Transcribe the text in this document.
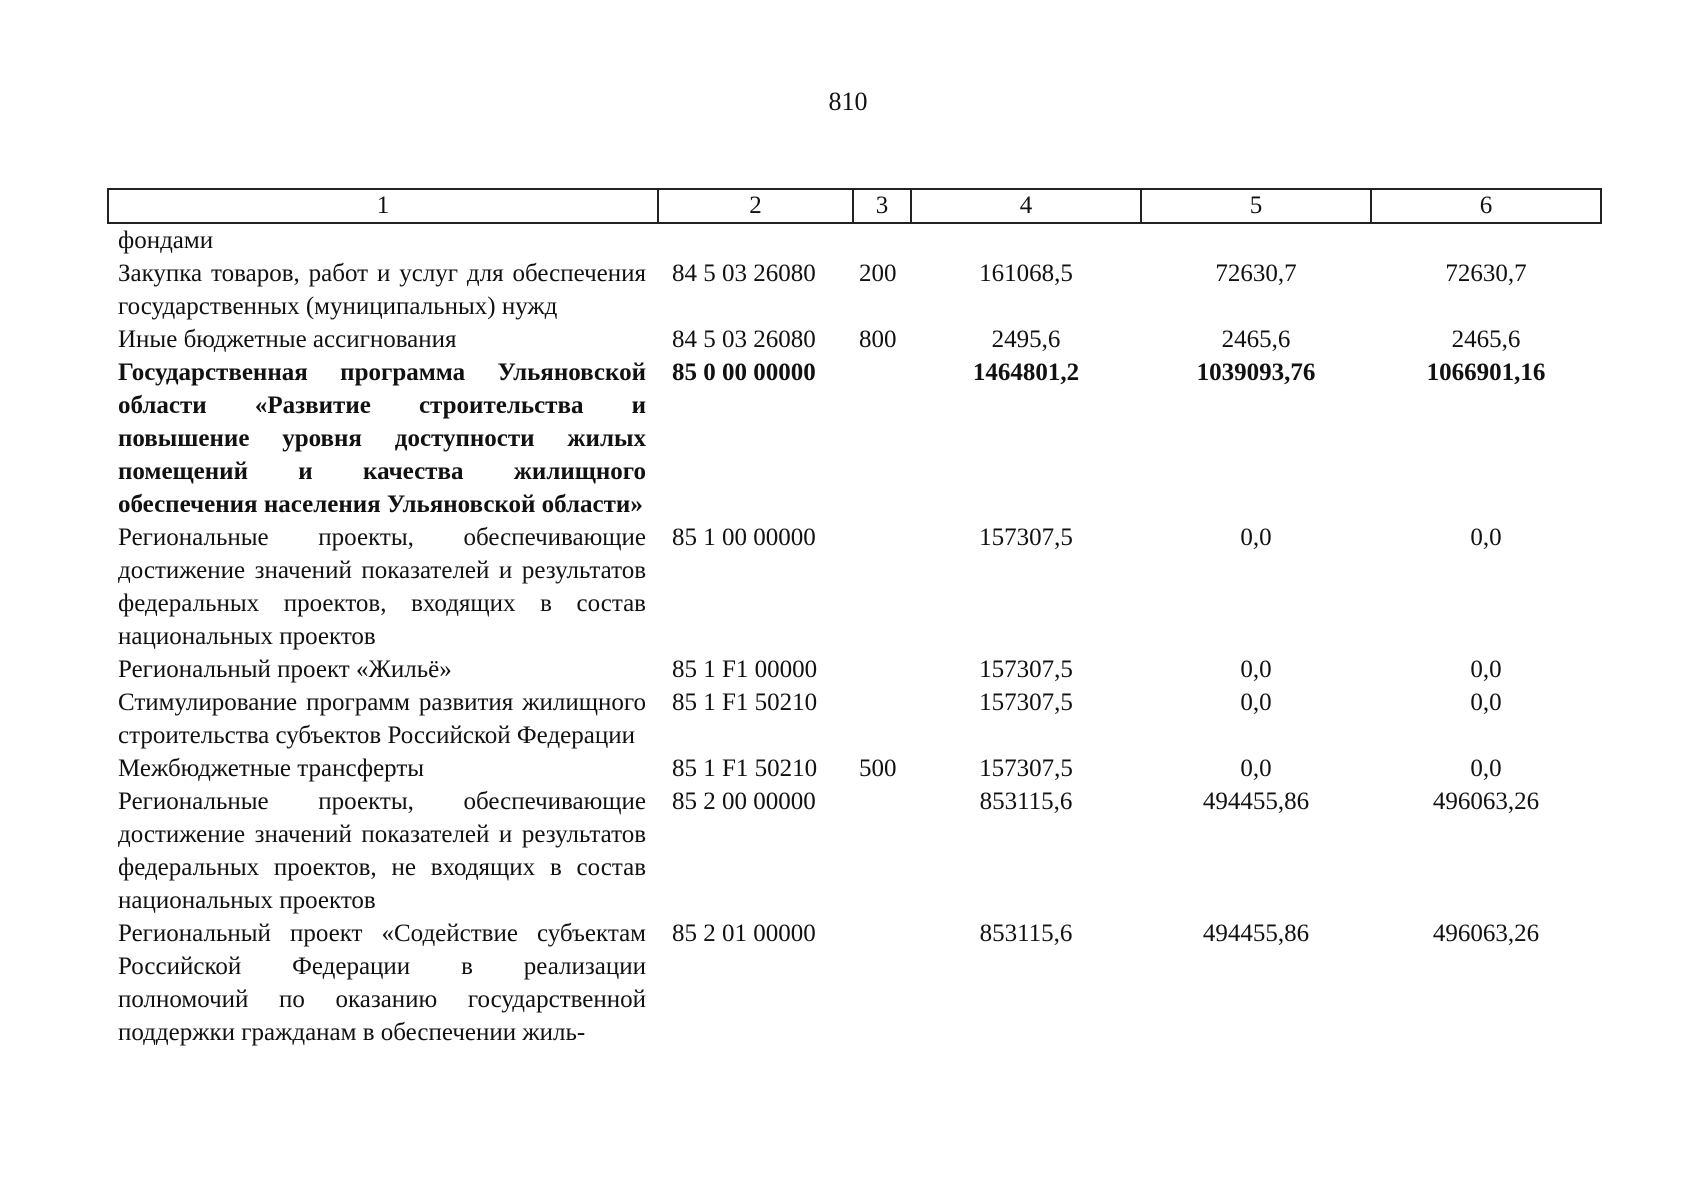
810
1	2	3	4	5	6
фондами					
Закупка товаров, работ и услуг для обеспечения государственных (муниципальных) нужд	84 5 03 26080	200	161068,5	72630,7	72630,7
Иные бюджетные ассигнования	84 5 03 26080	800	2495,6	2465,6	2465,6
Государственная программа Ульяновской области «Развитие строительства и повышение уровня доступности жилых помещений и качества жилищного обеспечения населения Ульяновской области»	85 0 00 00000		1464801,2	1039093,76	1066901,16
Региональные проекты, обеспечивающие достижение значений показателей и результатов федеральных проектов, входящих в состав национальных проектов	85 1 00 00000		157307,5	0,0	0,0
Региональный проект «Жильё»	85 1 F1 00000		157307,5	0,0	0,0
Стимулирование программ развития жилищного строительства субъектов Российской Федерации	85 1 F1 50210		157307,5	0,0	0,0
Межбюджетные трансферты	85 1 F1 50210	500	157307,5	0,0	0,0
Региональные проекты, обеспечивающие достижение значений показателей и результатов федеральных проектов, не входящих в состав национальных проектов	85 2 00 00000		853115,6	494455,86	496063,26
Региональный проект «Содействие субъектам Российской Федерации в реализации полномочий по оказанию государственной поддержки гражданам в обеспечении жиль-	85 2 01 00000		853115,6	494455,86	496063,26
